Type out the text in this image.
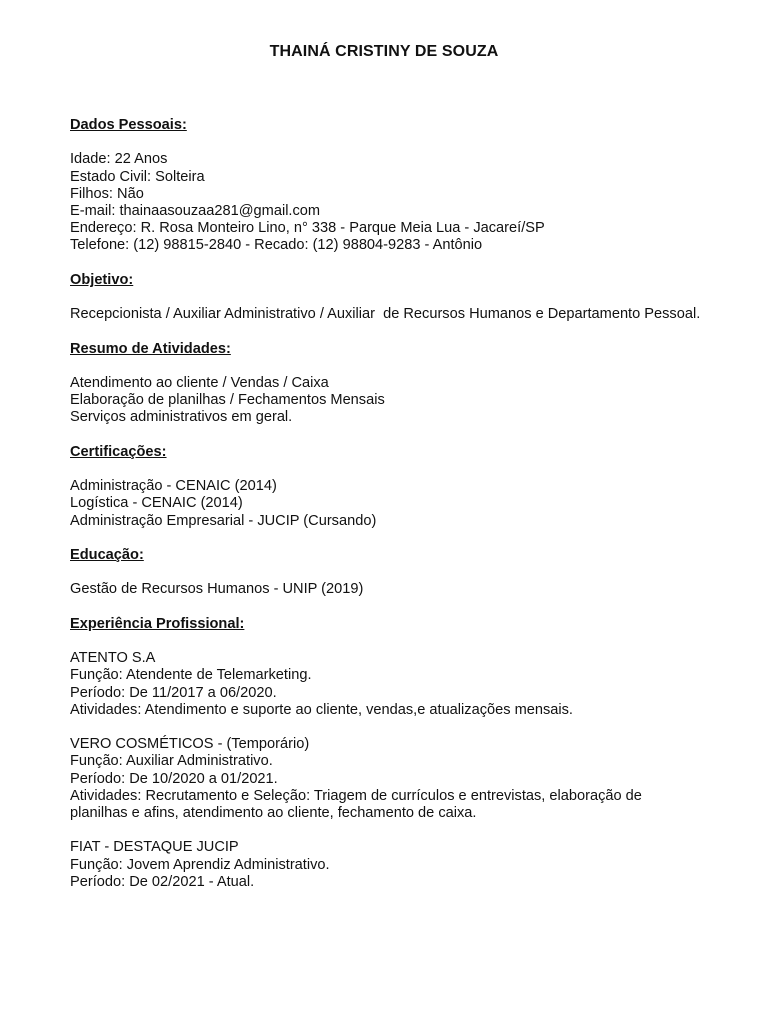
THAINÁ CRISTINY DE SOUZA
Dados Pessoais:
Idade: 22 Anos
Estado Civil: Solteira
Filhos: Não
E-mail: thainaasouzaa281@gmail.com
Endereço: R. Rosa Monteiro Lino, n° 338 - Parque Meia Lua - Jacareí/SP
Telefone: (12) 98815-2840 - Recado: (12) 98804-9283 - Antônio
Objetivo:
Recepcionista / Auxiliar Administrativo / Auxiliar  de Recursos Humanos e Departamento Pessoal.
Resumo de Atividades:
Atendimento ao cliente / Vendas / Caixa
Elaboração de planilhas / Fechamentos Mensais
Serviços administrativos em geral.
Certificações:
Administração - CENAIC (2014)
Logística - CENAIC (2014)
Administração Empresarial - JUCIP (Cursando)
Educação:
Gestão de Recursos Humanos - UNIP (2019)
Experiência Profissional:
ATENTO S.A
Função: Atendente de Telemarketing.
Período: De 11/2017 a 06/2020.
Atividades: Atendimento e suporte ao cliente, vendas,e atualizações mensais.
VERO COSMÉTICOS - (Temporário)
Função: Auxiliar Administrativo.
Período: De 10/2020 a 01/2021.
Atividades: Recrutamento e Seleção: Triagem de currículos e entrevistas, elaboração de planilhas e afins, atendimento ao cliente, fechamento de caixa.
FIAT - DESTAQUE JUCIP
Função: Jovem Aprendiz Administrativo.
Período: De 02/2021 - Atual.
